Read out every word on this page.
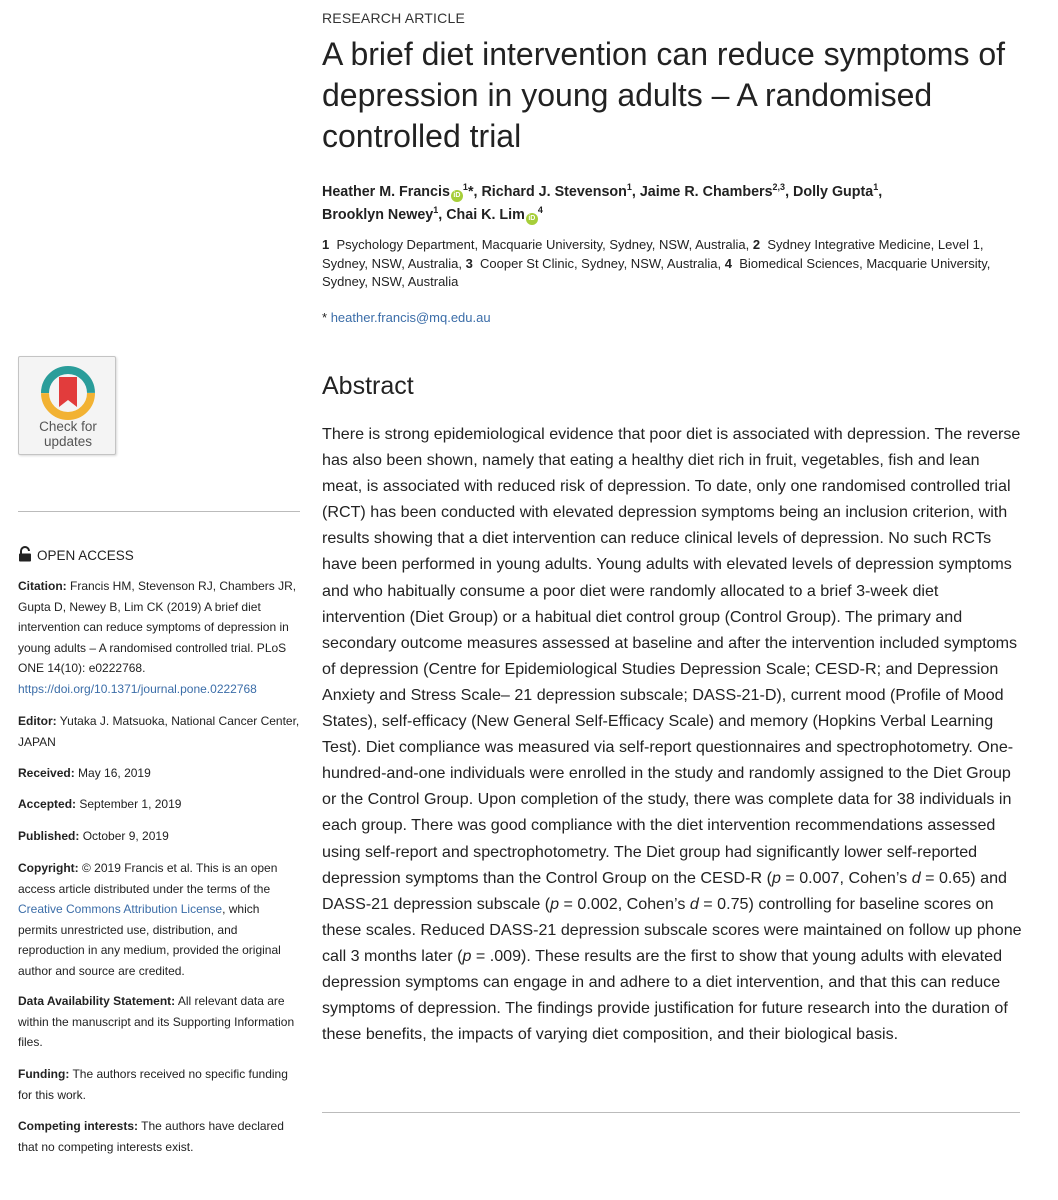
Check for
updates
OPEN ACCESS

Citation: Francis HM, Stevenson RJ, Chambers JR, Gupta D, Newey B, Lim CK (2019) A brief diet intervention can reduce symptoms of depression in young adults – A randomised controlled trial. PLoS ONE 14(10): e0222768. https://doi.org/10.1371/journal.pone.0222768

Editor: Yutaka J. Matsuoka, National Cancer Center, JAPAN

Received: May 16, 2019

Accepted: September 1, 2019

Published: October 9, 2019

Copyright: © 2019 Francis et al. This is an open access article distributed under the terms of the Creative Commons Attribution License, which permits unrestricted use, distribution, and reproduction in any medium, provided the original author and source are credited.

Data Availability Statement: All relevant data are within the manuscript and its Supporting Information files.

Funding: The authors received no specific funding for this work.

Competing interests: The authors have declared that no competing interests exist.

RESEARCH ARTICLE
A brief diet intervention can reduce symptoms of depression in young adults – A randomised controlled trial

Heather M. Francis $iD^1*$, Richard J. Stevenson$^1$, Jaime R. Chambers$^{2,3}$, Dolly Gupta$^1$,
Brooklyn Newey$^1$, Chai K. Lim $iD^4$

1 Psychology Department, Macquarie University, Sydney, NSW, Australia, 2 Sydney Integrative Medicine, Level 1, Sydney, NSW, Australia, 3 Cooper St Clinic, Sydney, NSW, Australia, 4 Biomedical Sciences, Macquarie University, Sydney, NSW, Australia

* heather.francis@mq.edu.au
Abstract

There is strong epidemiological evidence that poor diet is associated with depression. The reverse has also been shown, namely that eating a healthy diet rich in fruit, vegetables, fish and lean meat, is associated with reduced risk of depression. To date, only one randomised controlled trial (RCT) has been conducted with elevated depression symptoms being an inclusion criterion, with results showing that a diet intervention can reduce clinical levels of depression. No such RCTs have been performed in young adults. Young adults with elevated levels of depression symptoms and who habitually consume a poor diet were randomly allocated to a brief 3-week diet intervention (Diet Group) or a habitual diet control group (Control Group). The primary and secondary outcome measures assessed at baseline and after the intervention included symptoms of depression (Centre for Epidemiological Studies Depression Scale; CESD-R; and Depression Anxiety and Stress Scale– 21 depression subscale; DASS-21-D), current mood (Profile of Mood States), self-efficacy (New General Self-Efficacy Scale) and memory (Hopkins Verbal Learning Test). Diet compliance was measured via self-report questionnaires and spectrophotometry. One-hundred-and-one individuals were enrolled in the study and randomly assigned to the Diet Group or the Control Group. Upon completion of the study, there was complete data for 38 individuals in each group. There was good compliance with the diet intervention recommendations assessed using self-report and spectrophotometry. The Diet group had significantly lower self-reported depression symptoms than the Control Group on the CESD-R (p = 0.007, Cohen’s d = 0.65) and DASS-21 depression subscale (p = 0.002, Cohen’s d = 0.75) controlling for baseline scores on these scales. Reduced DASS-21 depression subscale scores were maintained on follow up phone call 3 months later (p = .009). These results are the first to show that young adults with elevated depression symptoms can engage in and adhere to a diet intervention, and that this can reduce symptoms of depression. The findings provide justification for future research into the duration of these benefits, the impacts of varying diet composition, and their biological basis.
